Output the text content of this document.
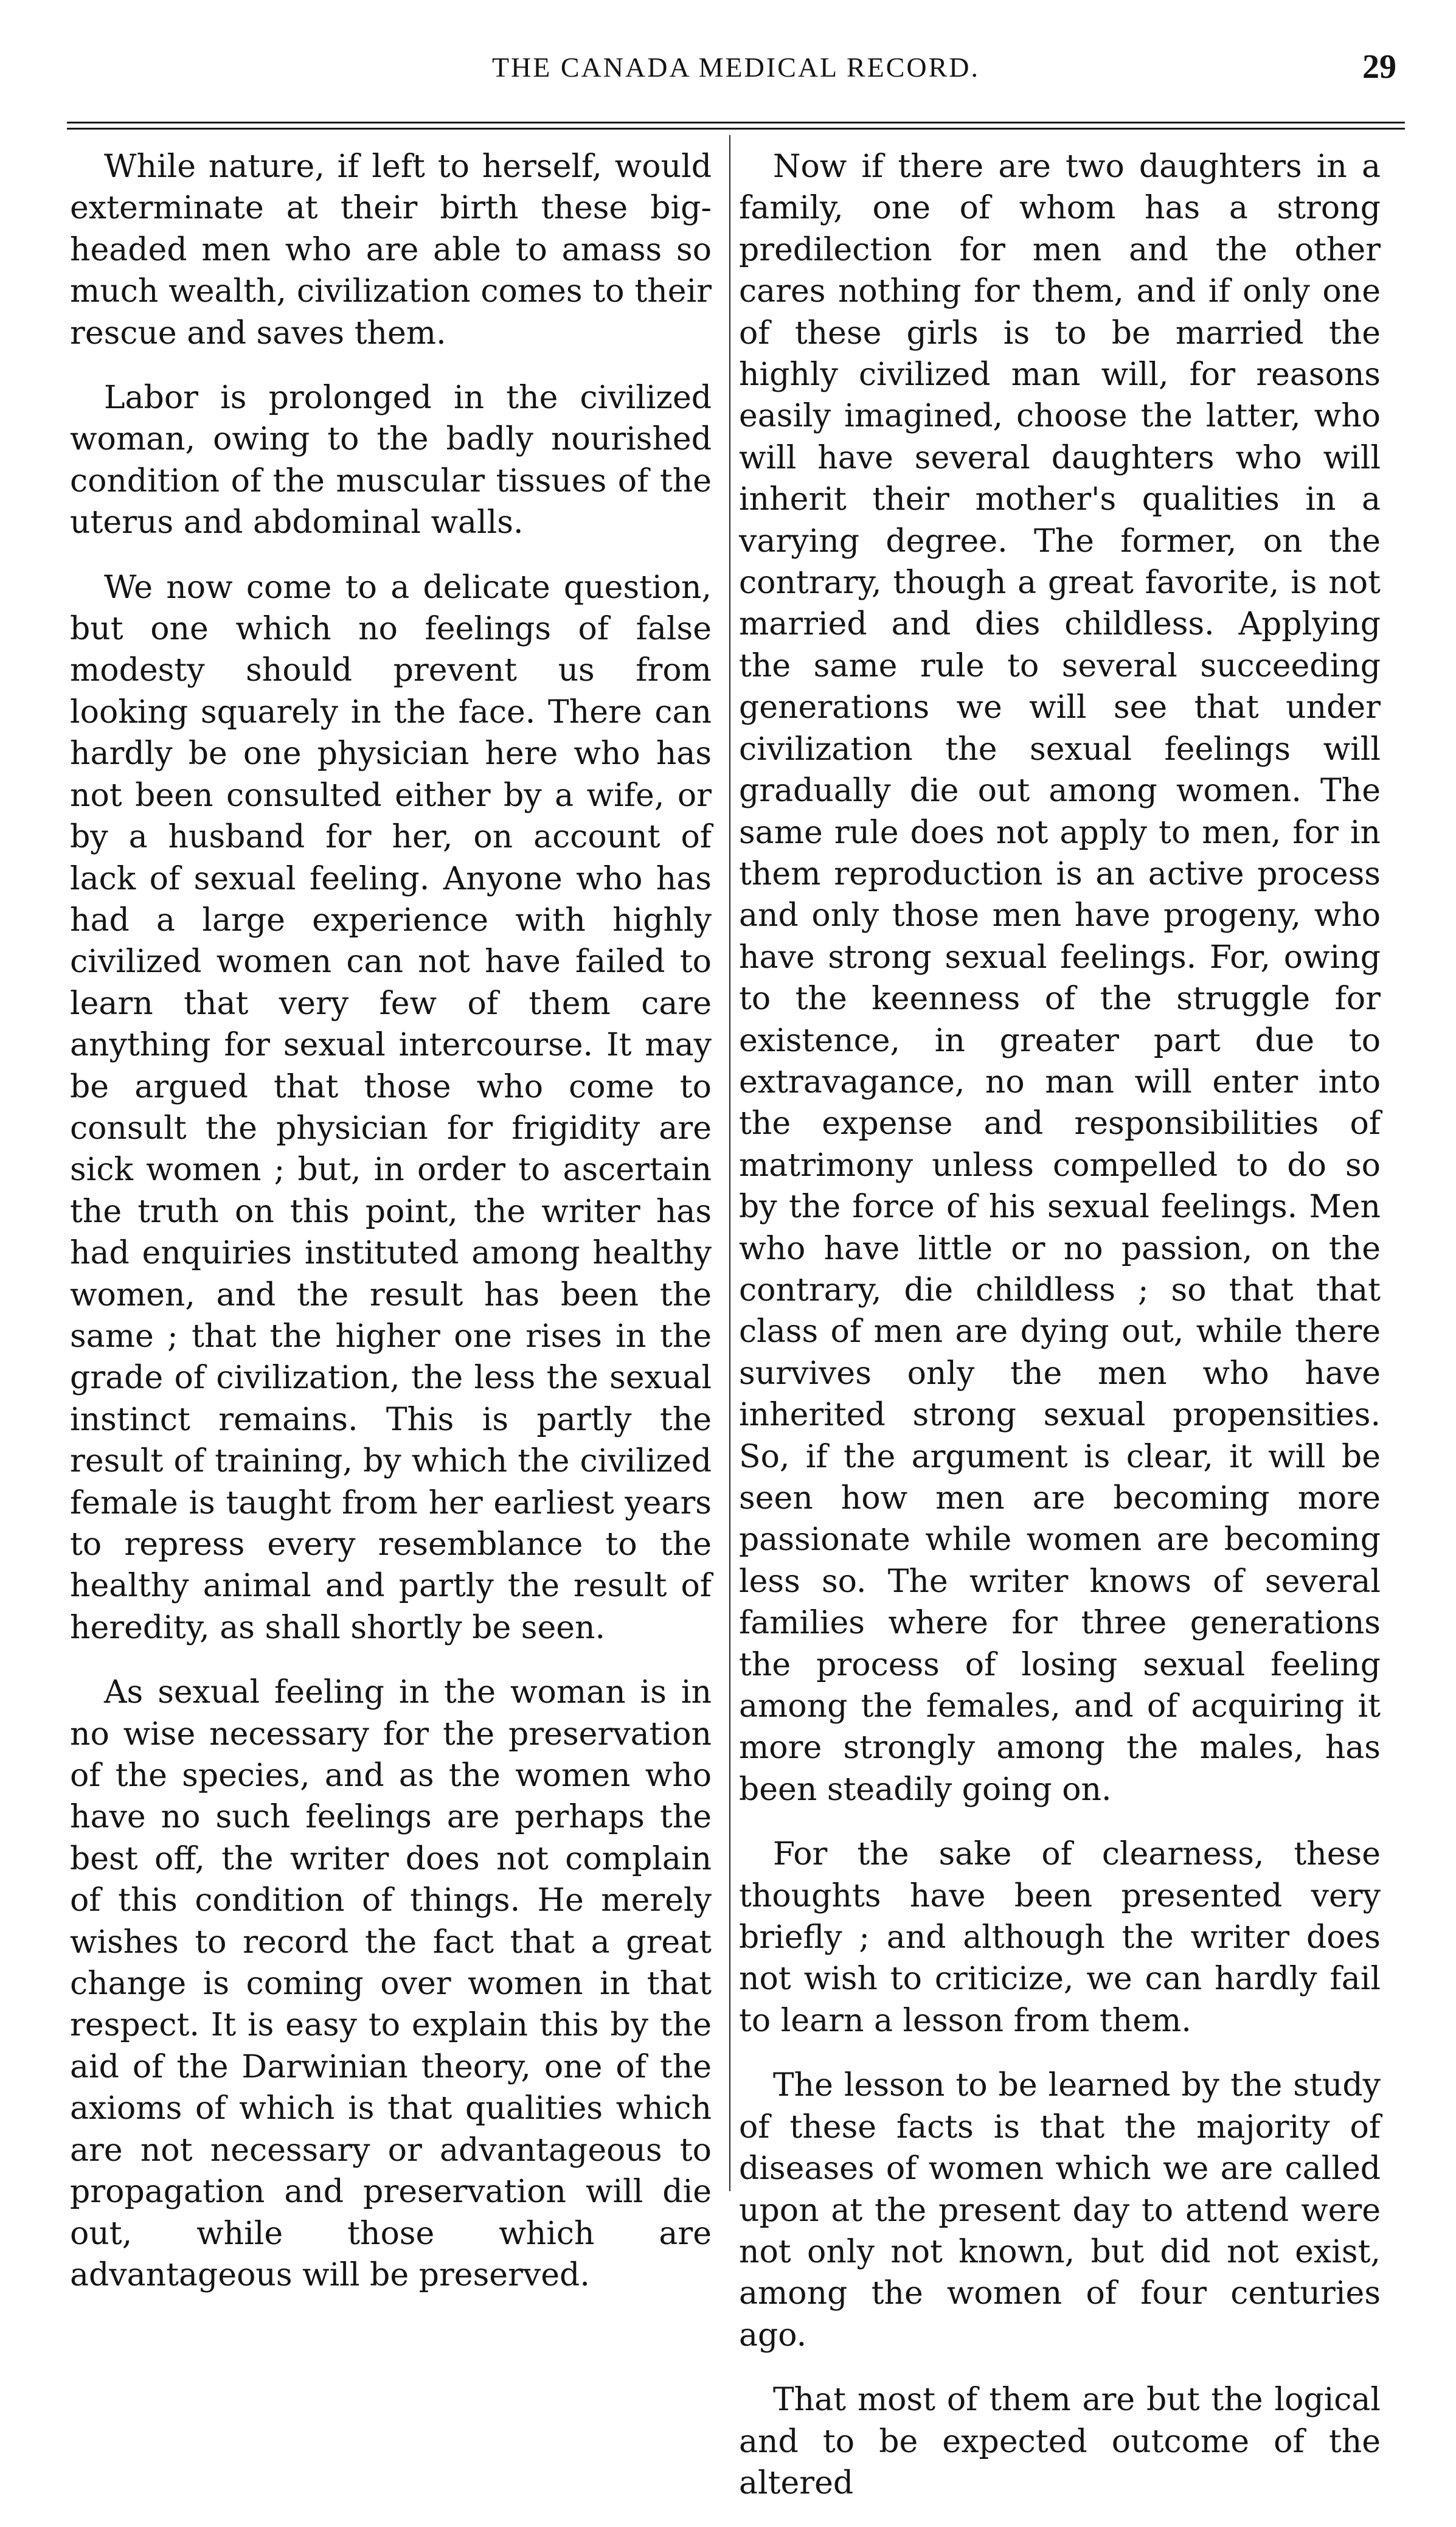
THE CANADA MEDICAL RECORD.	29

While nature, if left to herself, would exterminate at their birth these big-headed men who are able to amass so much wealth, civilization comes to their rescue and saves them.

Labor is prolonged in the civilized woman, owing to the badly nourished condition of the muscular tissues of the uterus and abdominal walls.

We now come to a delicate question, but one which no feelings of false modesty should prevent us from looking squarely in the face. There can hardly be one physician here who has not been consulted either by a wife, or by a husband for her, on account of lack of sexual feeling. Anyone who has had a large experience with highly civilized women can not have failed to learn that very few of them care anything for sexual intercourse. It may be argued that those who come to consult the physician for frigidity are sick women ; but, in order to ascertain the truth on this point, the writer has had enquiries instituted among healthy women, and the result has been the same ; that the higher one rises in the grade of civilization, the less the sexual instinct remains. This is partly the result of training, by which the civilized female is taught from her earliest years to repress every resemblance to the healthy animal and partly the result of heredity, as shall shortly be seen.

As sexual feeling in the woman is in no wise necessary for the preservation of the species, and as the women who have no such feelings are perhaps the best off, the writer does not complain of this condition of things. He merely wishes to record the fact that a great change is coming over women in that respect. It is easy to explain this by the aid of the Darwinian theory, one of the axioms of which is that qualities which are not necessary or advantageous to propagation and preservation will die out, while those which are advantageous will be preserved.

Now if there are two daughters in a family, one of whom has a strong predilection for men and the other cares nothing for them, and if only one of these girls is to be married the highly civilized man will, for reasons easily imagined, choose the latter, who will have several daughters who will inherit their mother's qualities in a varying degree. The former, on the contrary, though a great favorite, is not married and dies childless. Applying the same rule to several succeeding generations we will see that under civilization the sexual feelings will gradually die out among women. The same rule does not apply to men, for in them reproduction is an active process and only those men have progeny, who have strong sexual feelings. For, owing to the keenness of the struggle for existence, in greater part due to extravagance, no man will enter into the expense and responsibilities of matrimony unless compelled to do so by the force of his sexual feelings. Men who have little or no passion, on the contrary, die childless ; so that that class of men are dying out, while there survives only the men who have inherited strong sexual propensities. So, if the argument is clear, it will be seen how men are becoming more passionate while women are becoming less so. The writer knows of several families where for three generations the process of losing sexual feeling among the females, and of acquiring it more strongly among the males, has been steadily going on.

For the sake of clearness, these thoughts have been presented very briefly ; and although the writer does not wish to criticize, we can hardly fail to learn a lesson from them.

The lesson to be learned by the study of these facts is that the majority of diseases of women which we are called upon at the present day to attend were not only not known, but did not exist, among the women of four centuries ago.

That most of them are but the logical and to be expected outcome of the altered
